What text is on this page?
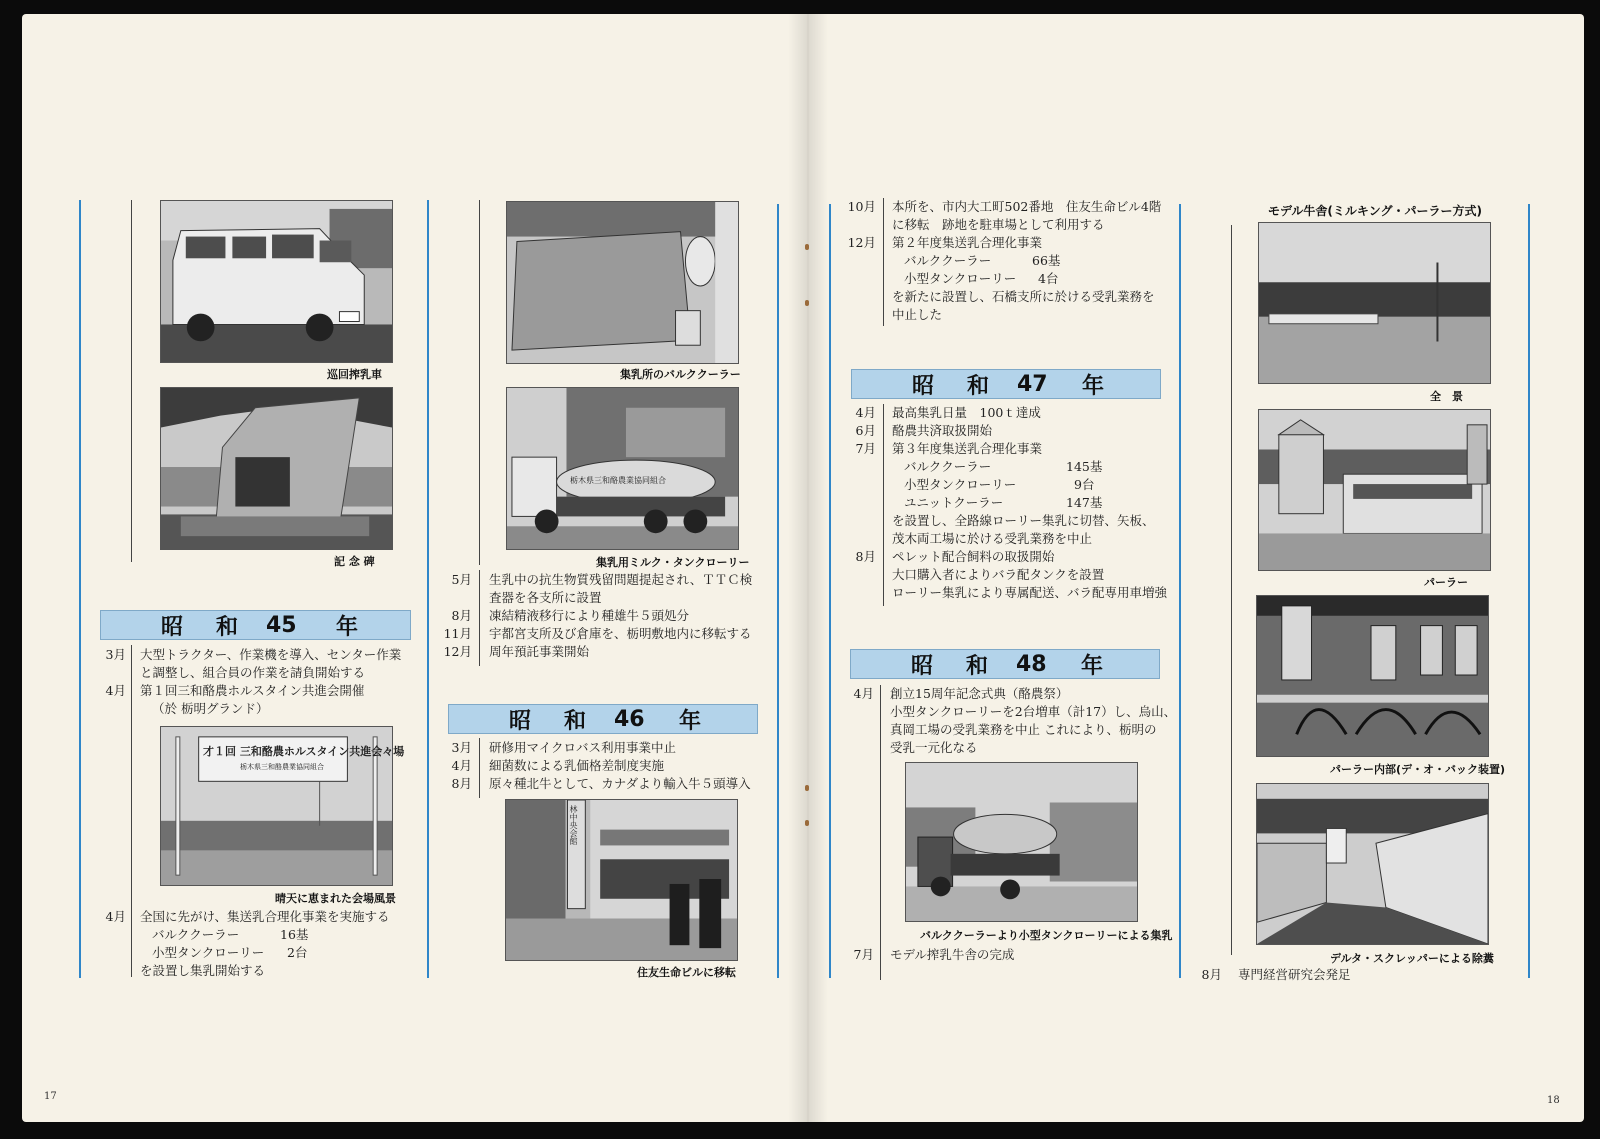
巡回搾乳車
記 念 碑
昭 和 45 年
3月 大型トラクター、作業機を導入、センター作業
と調整し、組合員の作業を請負開始する
4月 第１回三和酪農ホルスタイン共進会開催
（於 栃明グランド）
才１回 三和酪農ホルスタイン共進会々場
栃木県三和酪農業協同組合
晴天に恵まれた会場風景
4月 全国に先がけ、集送乳合理化事業を実施する
バルククーラー	16基
小型タンクローリー 2台
を設置し集乳開始する
集乳所のバルククーラー
栃木県三和酪農業協同組合
集乳用ミルク・タンクローリー
5月 生乳中の抗生物質残留問題提起され、ＴＴＣ検
査器を各支所に設置
8月 凍結精液移行により種雄牛５頭処分
11月 宇都宮支所及び倉庫を、栃明敷地内に移転する
12月 周年預託事業開始
昭 和 46 年
3月 研修用マイクロバス利用事業中止
4月 細菌数による乳価格差制度実施
8月 原々種北牛として、カナダより輸入牛５頭導入
林中央会館
住友生命ビルに移転
17
10月 本所を、市内大工町502番地　住友生命ビル4階
に移転　跡地を駐車場として利用する
12月 第２年度集送乳合理化事業
バルククーラー	66基
小型タンクローリー 4台
を新たに設置し、石橋支所に於ける受乳業務を
中止した
昭 和 47 年
4月 最高集乳日量　100ｔ達成
6月 酪農共済取扱開始
7月 第３年度集送乳合理化事業
バルククーラー	145基
小型タンクローリー	9台
ユニットクーラー	147基
を設置し、全路線ローリー集乳に切替、矢板、
茂木両工場に於ける受乳業務を中止
8月 ペレット配合飼料の取扱開始
大口購入者によりバラ配タンクを設置
ローリー集乳により専属配送、バラ配専用車増強
昭 和 48 年
4月 創立15周年記念式典（酪農祭）
小型タンクローリーを2台増車（計17）し、烏山、
真岡工場の受乳業務を中止 これにより、栃明の
受乳一元化なる
バルククーラーより小型タンクローリーによる集乳
7月 モデル搾乳牛舎の完成
モデル牛舎(ミルキング・パーラー方式)
全　景
パーラー
パーラー内部(デ・オ・バック装置)
デルタ・スクレッパーによる除糞
8月 専門経営研究会発足
18
